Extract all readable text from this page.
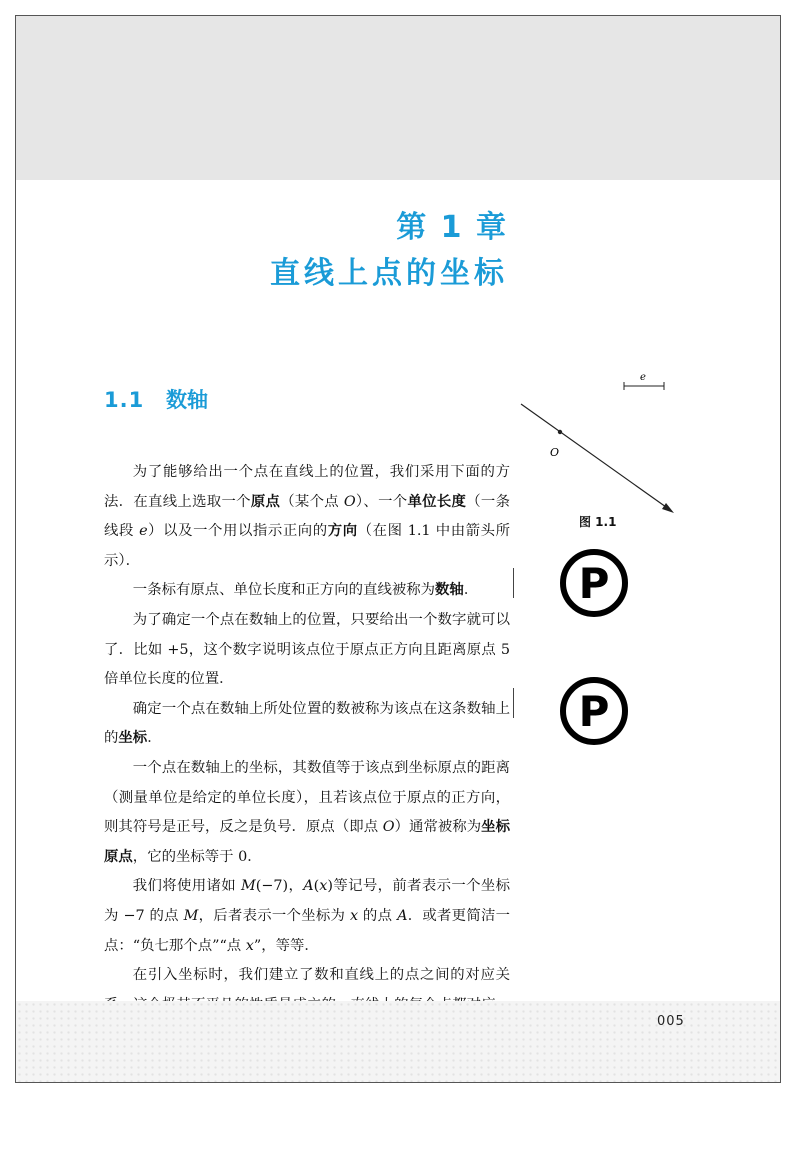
第 1 章
直线上点的坐标
1.1 数轴

为了能够给出一个点在直线上的位置，我们采用下面的方法．在直线上选取一个原点（某个点 O）、一个单位长度（一条线段 e）以及一个用以指示正向的方向（在图 1.1 中由箭头所示）．

一条标有原点、单位长度和正方向的直线被称为数轴．

为了确定一个点在数轴上的位置，只要给出一个数字就可以了．比如 +5，这个数字说明该点位于原点正方向且距离原点 5 倍单位长度的位置．

确定一个点在数轴上所处位置的数被称为该点在这条数轴上的坐标．

一个点在数轴上的坐标，其数值等于该点到坐标原点的距离（测量单位是给定的单位长度），且若该点位于原点的正方向，则其符号是正号，反之是负号．原点（即点 O）通常被称为坐标原点，它的坐标等于 0．

我们将使用诸如 M(−7)，A(x)等记号，前者表示一个坐标为 −7 的点 M，后者表示一个坐标为 x 的点 A．或者更简洁一点：“负七那个点”“点 x”，等等．

在引入坐标时，我们建立了数和直线上的点之间的对应关

e
O
图 1.1
P
P
005
